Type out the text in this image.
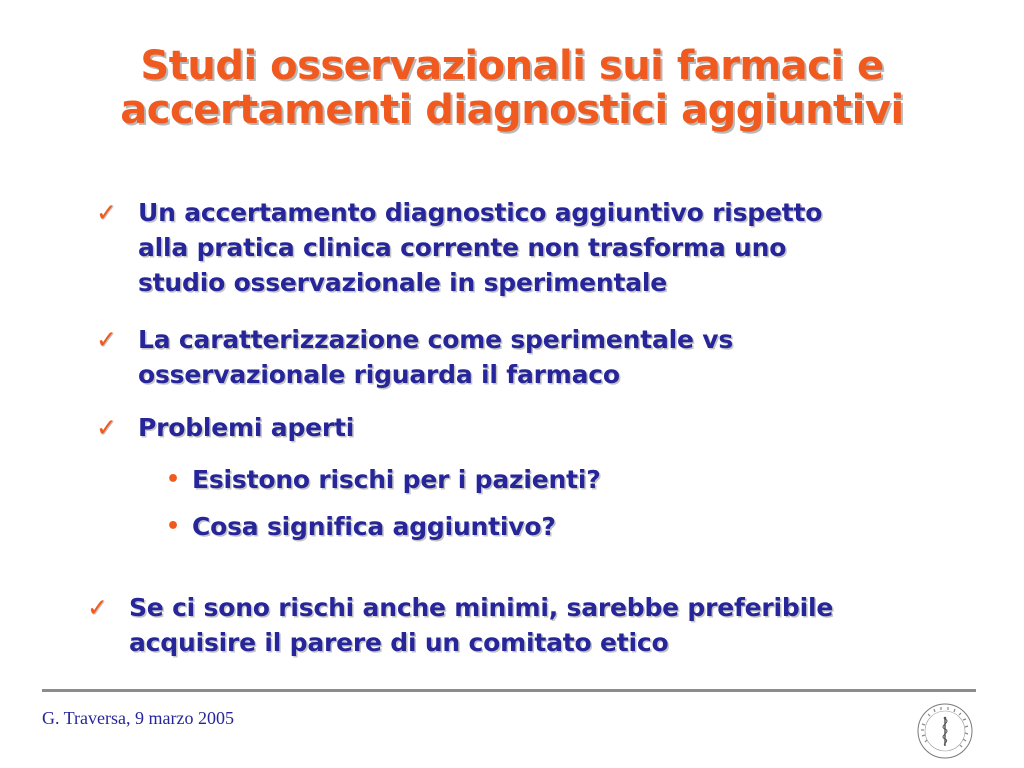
Studi osservazionali sui farmaci e
accertamenti diagnostici aggiuntivi
✓ Un accertamento diagnostico aggiuntivo rispetto
alla pratica clinica corrente non trasforma uno
studio osservazionale in sperimentale
✓ La caratterizzazione come sperimentale vs
osservazionale riguarda il farmaco
✓ Problemi aperti
• Esistono rischi per i pazienti?
• Cosa significa aggiuntivo?
✓ Se ci sono rischi anche minimi, sarebbe preferibile
acquisire il parere di un comitato etico
G. Traversa, 9 marzo 2005
